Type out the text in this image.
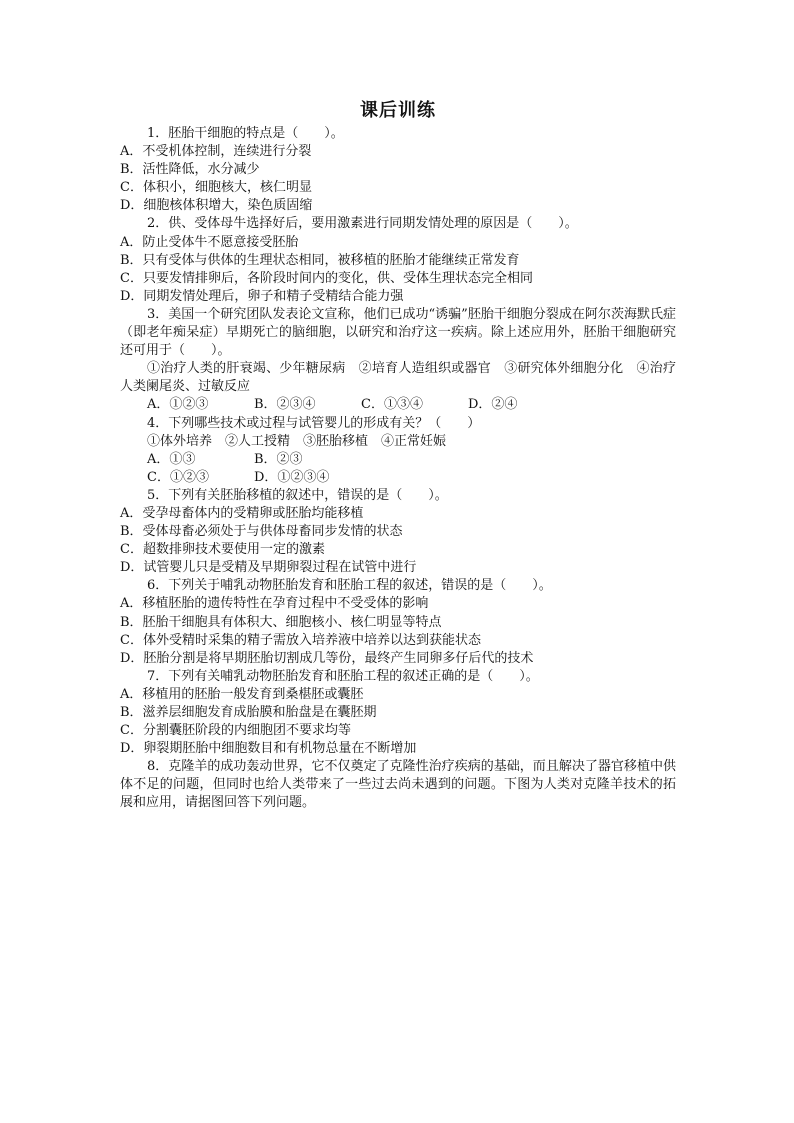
课后训练
1．胚胎干细胞的特点是（　　）。
A．不受机体控制，连续进行分裂
B．活性降低，水分减少
C．体积小，细胞核大，核仁明显
D．细胞核体积增大，染色质固缩
2．供、受体母牛选择好后，要用激素进行同期发情处理的原因是（　　）。
A．防止受体牛不愿意接受胚胎
B．只有受体与供体的生理状态相同，被移植的胚胎才能继续正常发育
C．只要发情排卵后，各阶段时间内的变化，供、受体生理状态完全相同
D．同期发情处理后，卵子和精子受精结合能力强
3．美国一个研究团队发表论文宣称，他们已成功“诱骗”胚胎干细胞分裂成在阿尔茨海默氏症（即老年痴呆症）早期死亡的脑细胞，以研究和治疗这一疾病。除上述应用外，胚胎干细胞研究还可用于（　　）。
①治疗人类的肝衰竭、少年糖尿病　②培育人造组织或器官　③研究体外细胞分化　④治疗人类阑尾炎、过敏反应
A．①②③	B．②③④	C．①③④	D．②④
4．下列哪些技术或过程与试管婴儿的形成有关？（　　）
①体外培养　②人工授精　③胚胎移植　④正常妊娠
A．①③	B．②③
C．①②③	D．①②③④
5．下列有关胚胎移植的叙述中，错误的是（　　）。
A．受孕母畜体内的受精卵或胚胎均能移植
B．受体母畜必须处于与供体母畜同步发情的状态
C．超数排卵技术要使用一定的激素
D．试管婴儿只是受精及早期卵裂过程在试管中进行
6．下列关于哺乳动物胚胎发育和胚胎工程的叙述，错误的是（　　）。
A．移植胚胎的遗传特性在孕育过程中不受受体的影响
B．胚胎干细胞具有体积大、细胞核小、核仁明显等特点
C．体外受精时采集的精子需放入培养液中培养以达到获能状态
D．胚胎分割是将早期胚胎切割成几等份，最终产生同卵多仔后代的技术
7．下列有关哺乳动物胚胎发育和胚胎工程的叙述正确的是（　　）。
A．移植用的胚胎一般发育到桑椹胚或囊胚
B．滋养层细胞发育成胎膜和胎盘是在囊胚期
C．分割囊胚阶段的内细胞团不要求均等
D．卵裂期胚胎中细胞数目和有机物总量在不断增加
8．克隆羊的成功轰动世界，它不仅奠定了克隆性治疗疾病的基础，而且解决了器官移植中供体不足的问题，但同时也给人类带来了一些过去尚未遇到的问题。下图为人类对克隆羊技术的拓展和应用，请据图回答下列问题。
